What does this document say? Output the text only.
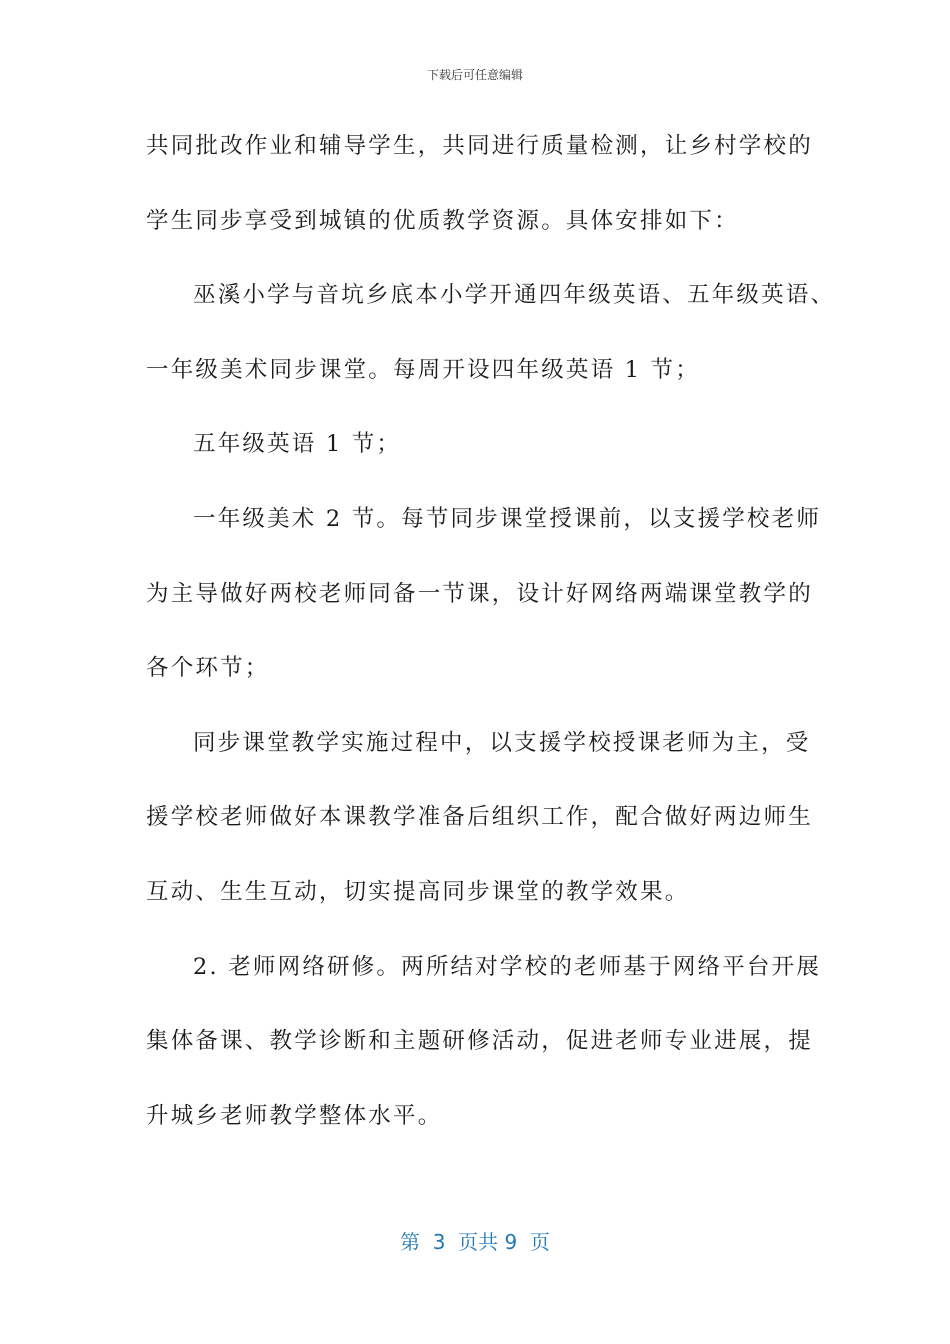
下载后可任意编辑
共同批改作业和辅导学生，共同进行质量检测，让乡村学校的
学生同步享受到城镇的优质教学资源。具体安排如下：
巫溪小学与音坑乡底本小学开通四年级英语、五年级英语、
一年级美术同步课堂。每周开设四年级英语 1 节；
五年级英语 1 节；
一年级美术 2 节。每节同步课堂授课前，以支援学校老师
为主导做好两校老师同备一节课，设计好网络两端课堂教学的
各个环节；
同步课堂教学实施过程中，以支援学校授课老师为主，受
援学校老师做好本课教学准备后组织工作，配合做好两边师生
互动、生生互动，切实提高同步课堂的教学效果。
2. 老师网络研修。两所结对学校的老师基于网络平台开展
集体备课、教学诊断和主题研修活动，促进老师专业进展，提
升城乡老师教学整体水平。
第  3  页共 9  页
